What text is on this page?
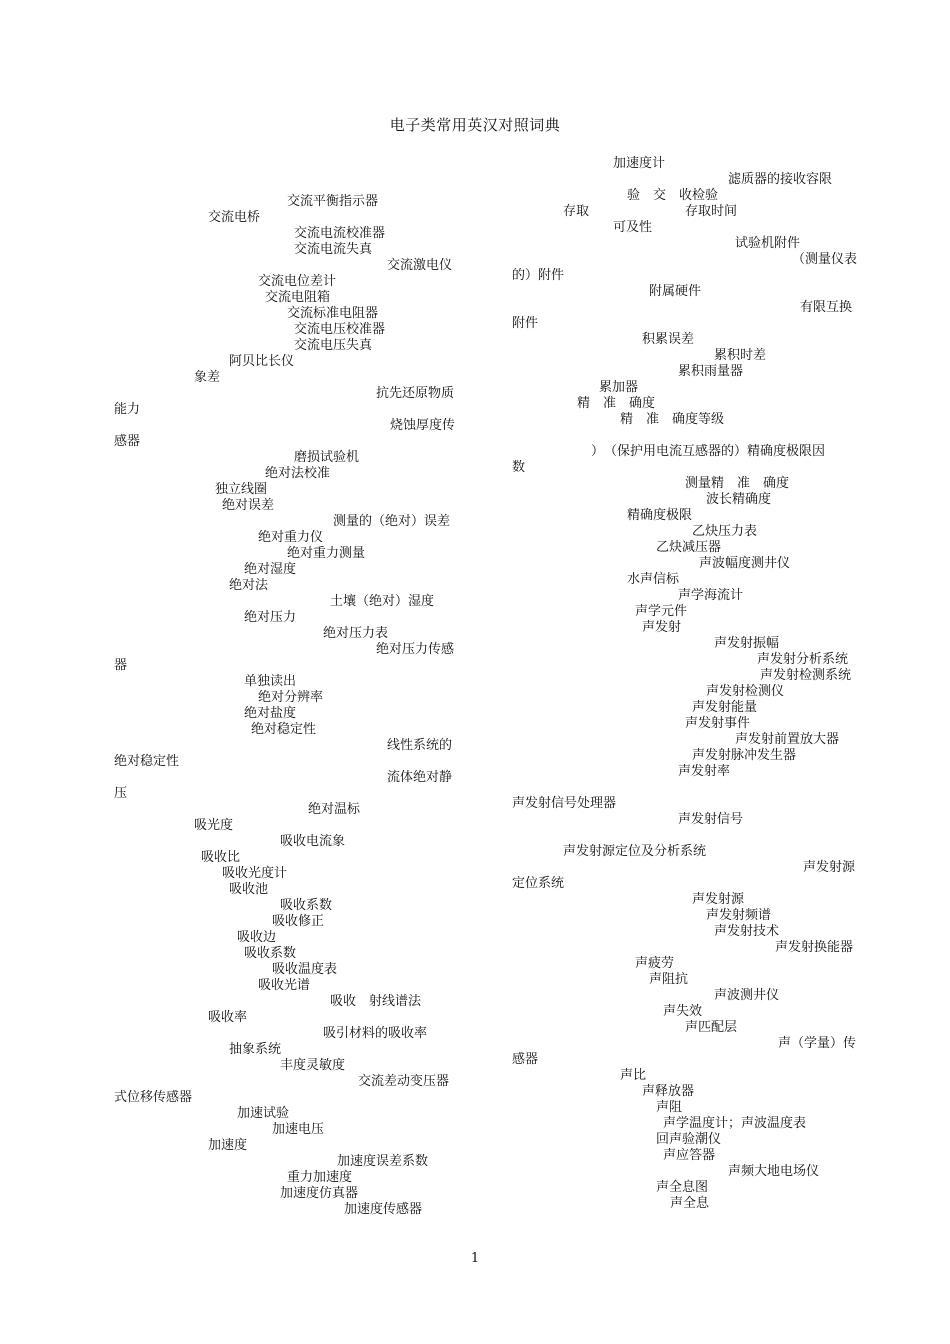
电子类常用英汉对照词典
交流平衡指示器
交流电桥
交流电流校准器
交流电流失真
交流激电仪
交流电位差计
交流电阻箱
交流标准电阻器
交流电压校准器
交流电压失真
阿贝比长仪
象差
抗先还原物质
能力
烧蚀厚度传
感器
磨损试验机
绝对法校准
独立线圈
绝对误差
测量的（绝对）误差
绝对重力仪
绝对重力测量
绝对湿度
绝对法
土壤（绝对）湿度
绝对压力
绝对压力表
绝对压力传感
器
单独读出
绝对分辨率
绝对盐度
绝对稳定性
线性系统的
绝对稳定性
流体绝对静
压
绝对温标
吸光度
吸收电流象
吸收比
吸收光度计
吸收池
吸收系数
吸收修正
吸收边
吸收系数
吸收温度表
吸收光谱
吸收　射线谱法
吸收率
吸引材料的吸收率
抽象系统
丰度灵敏度
交流差动变压器
式位移传感器
加速试验
加速电压
加速度
加速度误差系数
重力加速度
加速度仿真器
加速度传感器
加速度计
滤质器的接收容限
验　交　收检验
存取	存取时间
可及性
试验机附件
（测量仪表
的）附件
附属硬件
有限互换
附件
积累误差
累积时差
累积雨量器
累加器
精　准　确度
精　准　确度等级
）　（保护用电流互感器的）精确度极限因
数
测量精　准　确度
波长精确度
精确度极限
乙炔压力表
乙炔减压器
声波幅度测井仪
水声信标
声学海流计
声学元件
声发射
声发射振幅
声发射分析系统
声发射检测系统
声发射检测仪
声发射能量
声发射事件
声发射前置放大器
声发射脉冲发生器
声发射率
声发射信号处理器
声发射信号
声发射源定位及分析系统
声发射源
定位系统
声发射源
声发射频谱
声发射技术
声发射换能器
声疲劳
声阻抗
声波测井仪
声失效
声匹配层
声（学量）传
感器
声比
声释放器
声阻
声学温度计；声波温度表
回声验潮仪
声应答器
声频大地电场仪
声全息图
声全息
1
